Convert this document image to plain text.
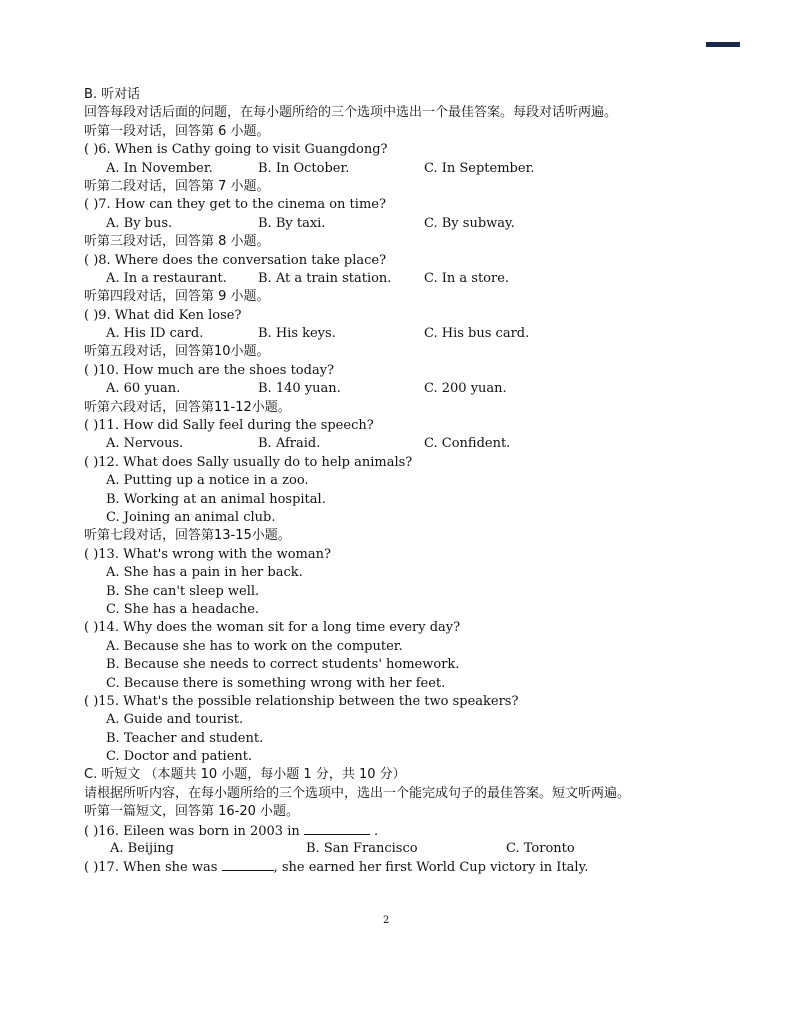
B. 听对话
回答每段对话后面的问题，在每小题所给的三个选项中选出一个最佳答案。每段对话听两遍。
听第一段对话，回答第 6 小题。
( )6. When is Cathy going to visit Guangdong?
A. In November.	B. In October.	C. In September.
听第二段对话，回答第 7 小题。
( )7. How can they get to the cinema on time?
A. By bus.	B. By taxi.	C. By subway.
听第三段对话，回答第 8 小题。
( )8. Where does the conversation take place?
A. In a restaurant. B. At a train station.	C. In a store.
听第四段对话，回答第 9 小题。
( )9. What did Ken lose?
A. His ID card.	B. His keys.	C. His bus card.
听第五段对话，回答第10小题。
( )10. How much are the shoes today?
A. 60 yuan.	B. 140 yuan.	C. 200 yuan.
听第六段对话，回答第11-12小题。
( )11. How did Sally feel during the speech?
A. Nervous.	B. Afraid.	C. Confident.
( )12. What does Sally usually do to help animals?
A. Putting up a notice in a zoo.
B. Working at an animal hospital.
C. Joining an animal club.
听第七段对话，回答第13-15小题。
( )13. What's wrong with the woman?
A. She has a pain in her back.
B. She can't sleep well.
C. She has a headache.
( )14. Why does the woman sit for a long time every day?
A. Because she has to work on the computer.
B. Because she needs to correct students' homework.
C. Because there is something wrong with her feet.
( )15. What's the possible relationship between the two speakers?
A. Guide and tourist.
B. Teacher and student.
C. Doctor and patient.
C. 听短文 （本题共 10 小题，每小题 1 分，共 10 分）
请根据所听内容，在每小题所给的三个选项中，选出一个能完成句子的最佳答案。短文听两遍。
听第一篇短文，回答第 16-20 小题。
( )16. Eileen was born in 2003 in	.
A. Beijing	B. San Francisco	C. Toronto
( )17. When she was	, she earned her first World Cup victory in Italy.
2
